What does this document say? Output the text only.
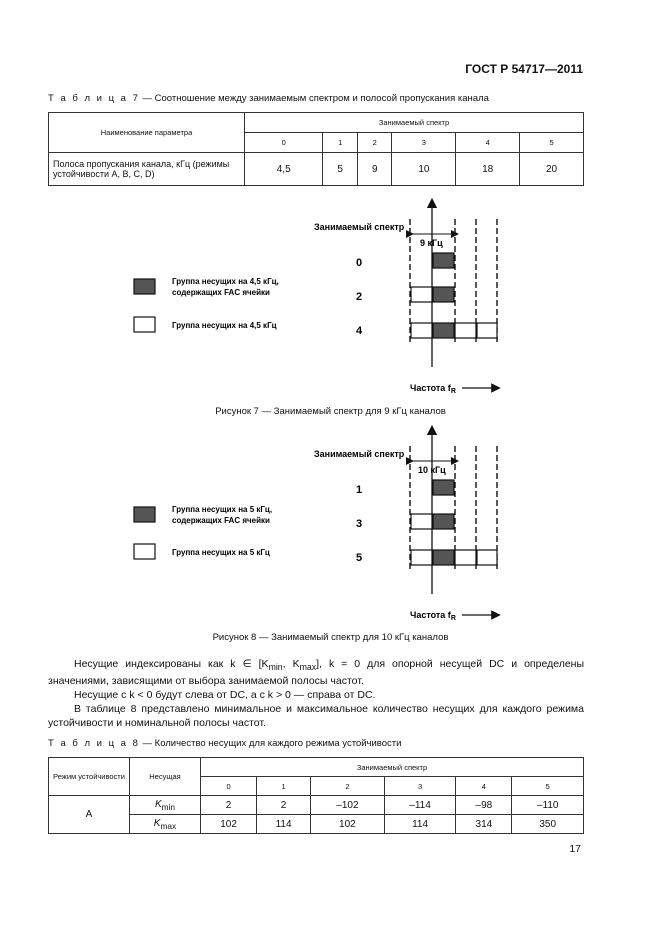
ГОСТ Р 54717—2011
Т а б л и ц а 7 — Соотношение между занимаемым спектром и полосой пропускания канала
Наименование параметра	Занимаемый спектр					
	0	1	2	3	4	5
Полоса пропускания канала, кГц (режимы устойчивости A, B, C, D)	4,5	5	9	10	18	20
Занимаемый спектр
9 кГц
0
2
4
Группа несущих на 4,5 кГц,
содержащих FAC ячейки
Группа несущих на 4,5 кГц
Частота $f_R$
Рисунок 7 — Занимаемый спектр для 9 кГц каналов
Занимаемый спектр
10 кГц
1
3
5
Группа несущих на 5 кГц,
содержащих FAC ячейки
Группа несущих на 5 кГц
Частота $f_R$
Рисунок 8 — Занимаемый спектр для 10 кГц каналов

Несущие индексированы как k ∈ [$K_{min}$, $K_{max}$], k = 0 для опорной несущей DC и определены значениями, зависящими от выбора занимаемой полосы частот.

Несущие с k < 0 будут слева от DC, а с k > 0 — справа от DC.

В таблице 8 представлено минимальное и максимальное количество несущих для каждого режима устойчивости и номинальной полосы частот.

Т а б л и ц а 8 — Количество несущих для каждого режима устойчивости
Режим устойчивости	Несущая	Занимаемый спектр					
		0	1	2	3	4	5
A	$K_{min}$	2	2	–102	–114	–98	–110
	$K_{max}$	102	114	102	114	314	350
17
